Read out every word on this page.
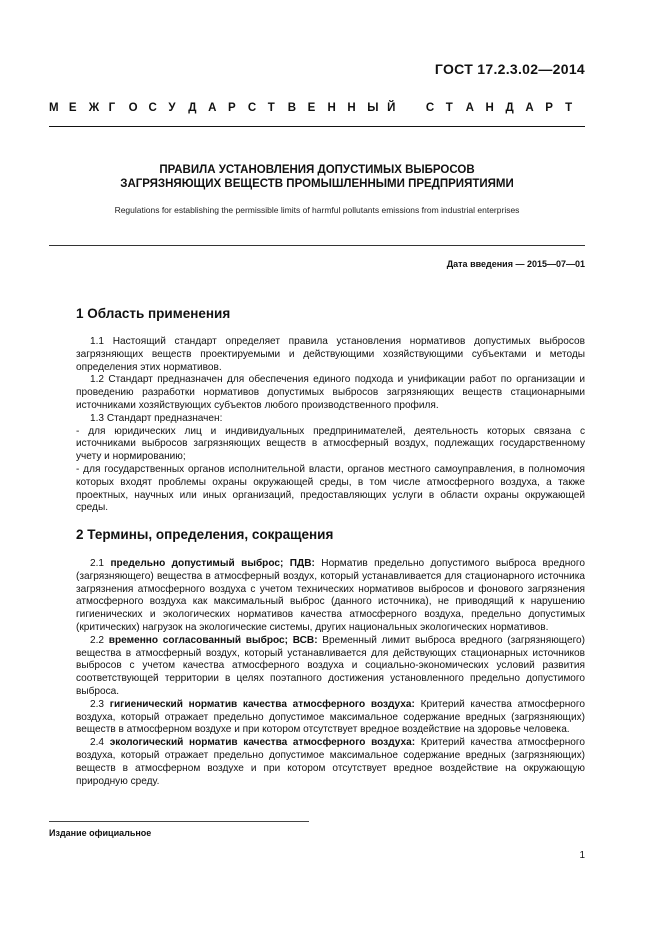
ГОСТ 17.2.3.02—2014
М Е	Ж Г	О С	У	Д	А	Р	С	Т	В	Е	Н	Н	Ы Й	С	Т	А	Н	Д	А	Р	Т
ПРАВИЛА УСТАНОВЛЕНИЯ ДОПУСТИМЫХ ВЫБРОСОВ
ЗАГРЯЗНЯЮЩИХ ВЕЩЕСТВ ПРОМЫШЛЕННЫМИ ПРЕДПРИЯТИЯМИ
Regulations for establishing the permissible limits of harmful pollutants emissions from industrial enterprises
Дата введения — 2015—07—01
1 Область применения

1.1 Настоящий стандарт определяет правила установления нормативов допустимых выбросов загрязняющих веществ проектируемыми и действующими хозяйствующими субъектами и методы определения этих нормативов.

1.2 Стандарт предназначен для обеспечения единого подхода и унификации работ по организации и проведению разработки нормативов допустимых выбросов загрязняющих веществ стационарными источниками хозяйствующих субъектов любого производственного профиля.

1.3 Стандарт предназначен:

- для юридических лиц и индивидуальных предпринимателей, деятельность которых связана с источниками выбросов загрязняющих веществ в атмосферный воздух, подлежащих государственному учету и нормированию;

- для государственных органов исполнительной власти, органов местного самоуправления, в полномочия которых входят проблемы охраны окружающей среды, в том числе атмосферного воздуха, а также проектных, научных или иных организаций, предоставляющих услуги в области охраны окружающей среды.

2 Термины, определения, сокращения

2.1 предельно допустимый выброс; ПДВ: Норматив предельно допустимого выброса вредного (загрязняющего) вещества в атмосферный воздух, который устанавливается для стационарного источника загрязнения атмосферного воздуха с учетом технических нормативов выбросов и фонового загрязнения атмосферного воздуха как максимальный выброс (данного источника), не приводящий к нарушению гигиенических и экологических нормативов качества атмосферного воздуха, предельно допустимых (критических) нагрузок на экологические системы, других национальных экологических нормативов.

2.2 временно согласованный выброс; ВСВ: Временный лимит выброса вредного (загрязняющего) вещества в атмосферный воздух, который устанавливается для действующих стационарных источников выбросов с учетом качества атмосферного воздуха и социально-экономических условий развития соответствующей территории в целях поэтапного достижения установленного предельно допустимого выброса.

2.3 гигиенический норматив качества атмосферного воздуха: Критерий качества атмосферного воздуха, который отражает предельно допустимое максимальное содержание вредных (загрязняющих) веществ в атмосферном воздухе и при котором отсутствует вредное воздействие на здоровье человека.

2.4 экологический норматив качества атмосферного воздуха: Критерий качества атмосферного воздуха, который отражает предельно допустимое максимальное содержание вредных (загрязняющих) веществ в атмосферном воздухе и при котором отсутствует вредное воздействие на окружающую природную среду.

Издание официальное
1
